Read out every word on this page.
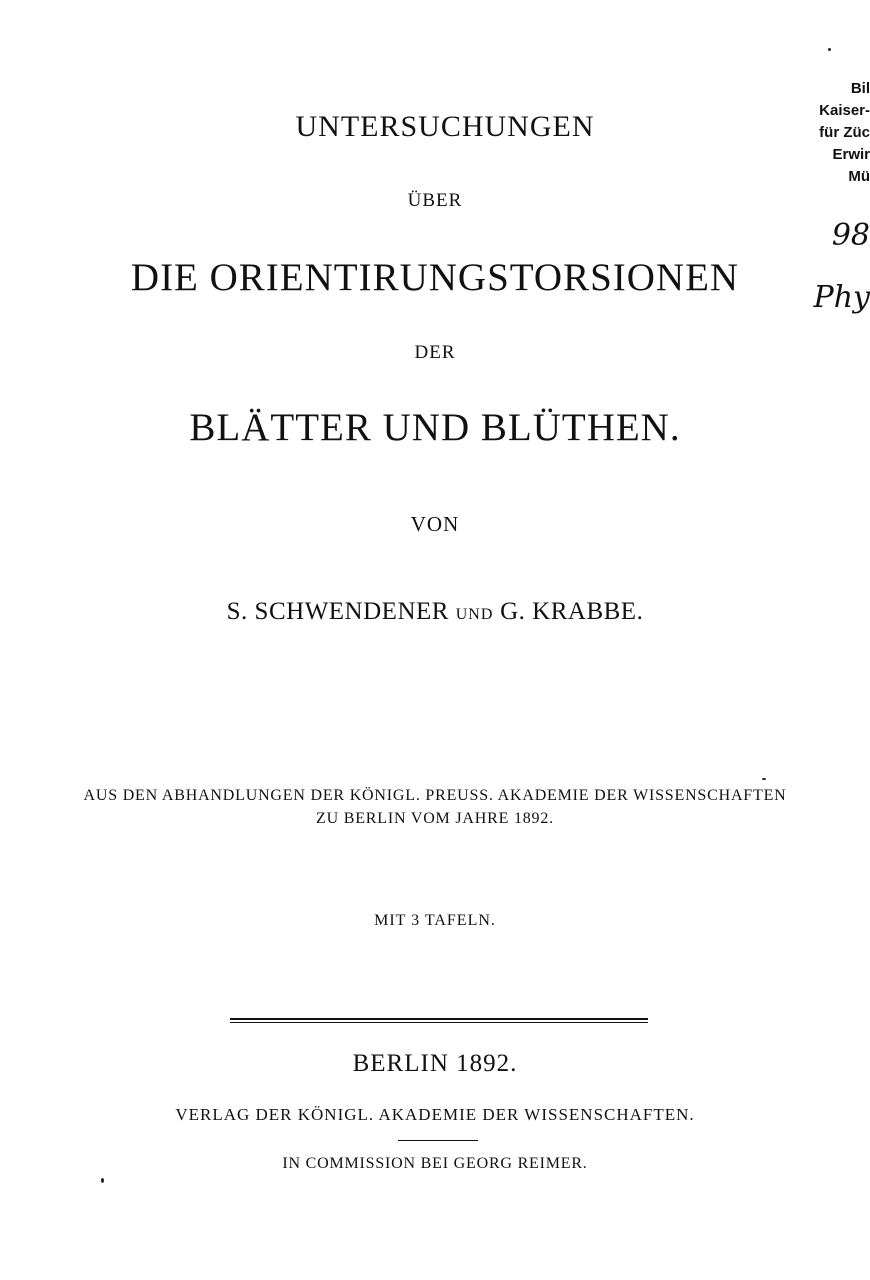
UNTERSUCHUNGEN
ÜBER
DIE ORIENTIRUNGSTORSIONEN
DER
BLÄTTER UND BLÜTHEN.
VON
S. SCHWENDENER UND G. KRABBE.
AUS DEN ABHANDLUNGEN DER KÖNIGL. PREUSS. AKADEMIE DER WISSENSCHAFTEN
ZU BERLIN VOM JAHRE 1892.
MIT 3 TAFELN.
BERLIN 1892.
VERLAG DER KÖNIGL. AKADEMIE DER WISSENSCHAFTEN.
IN COMMISSION BEI GEORG REIMER.
Bil
Kaiser-
für Züc
Erwir
Mü
98
Phy
